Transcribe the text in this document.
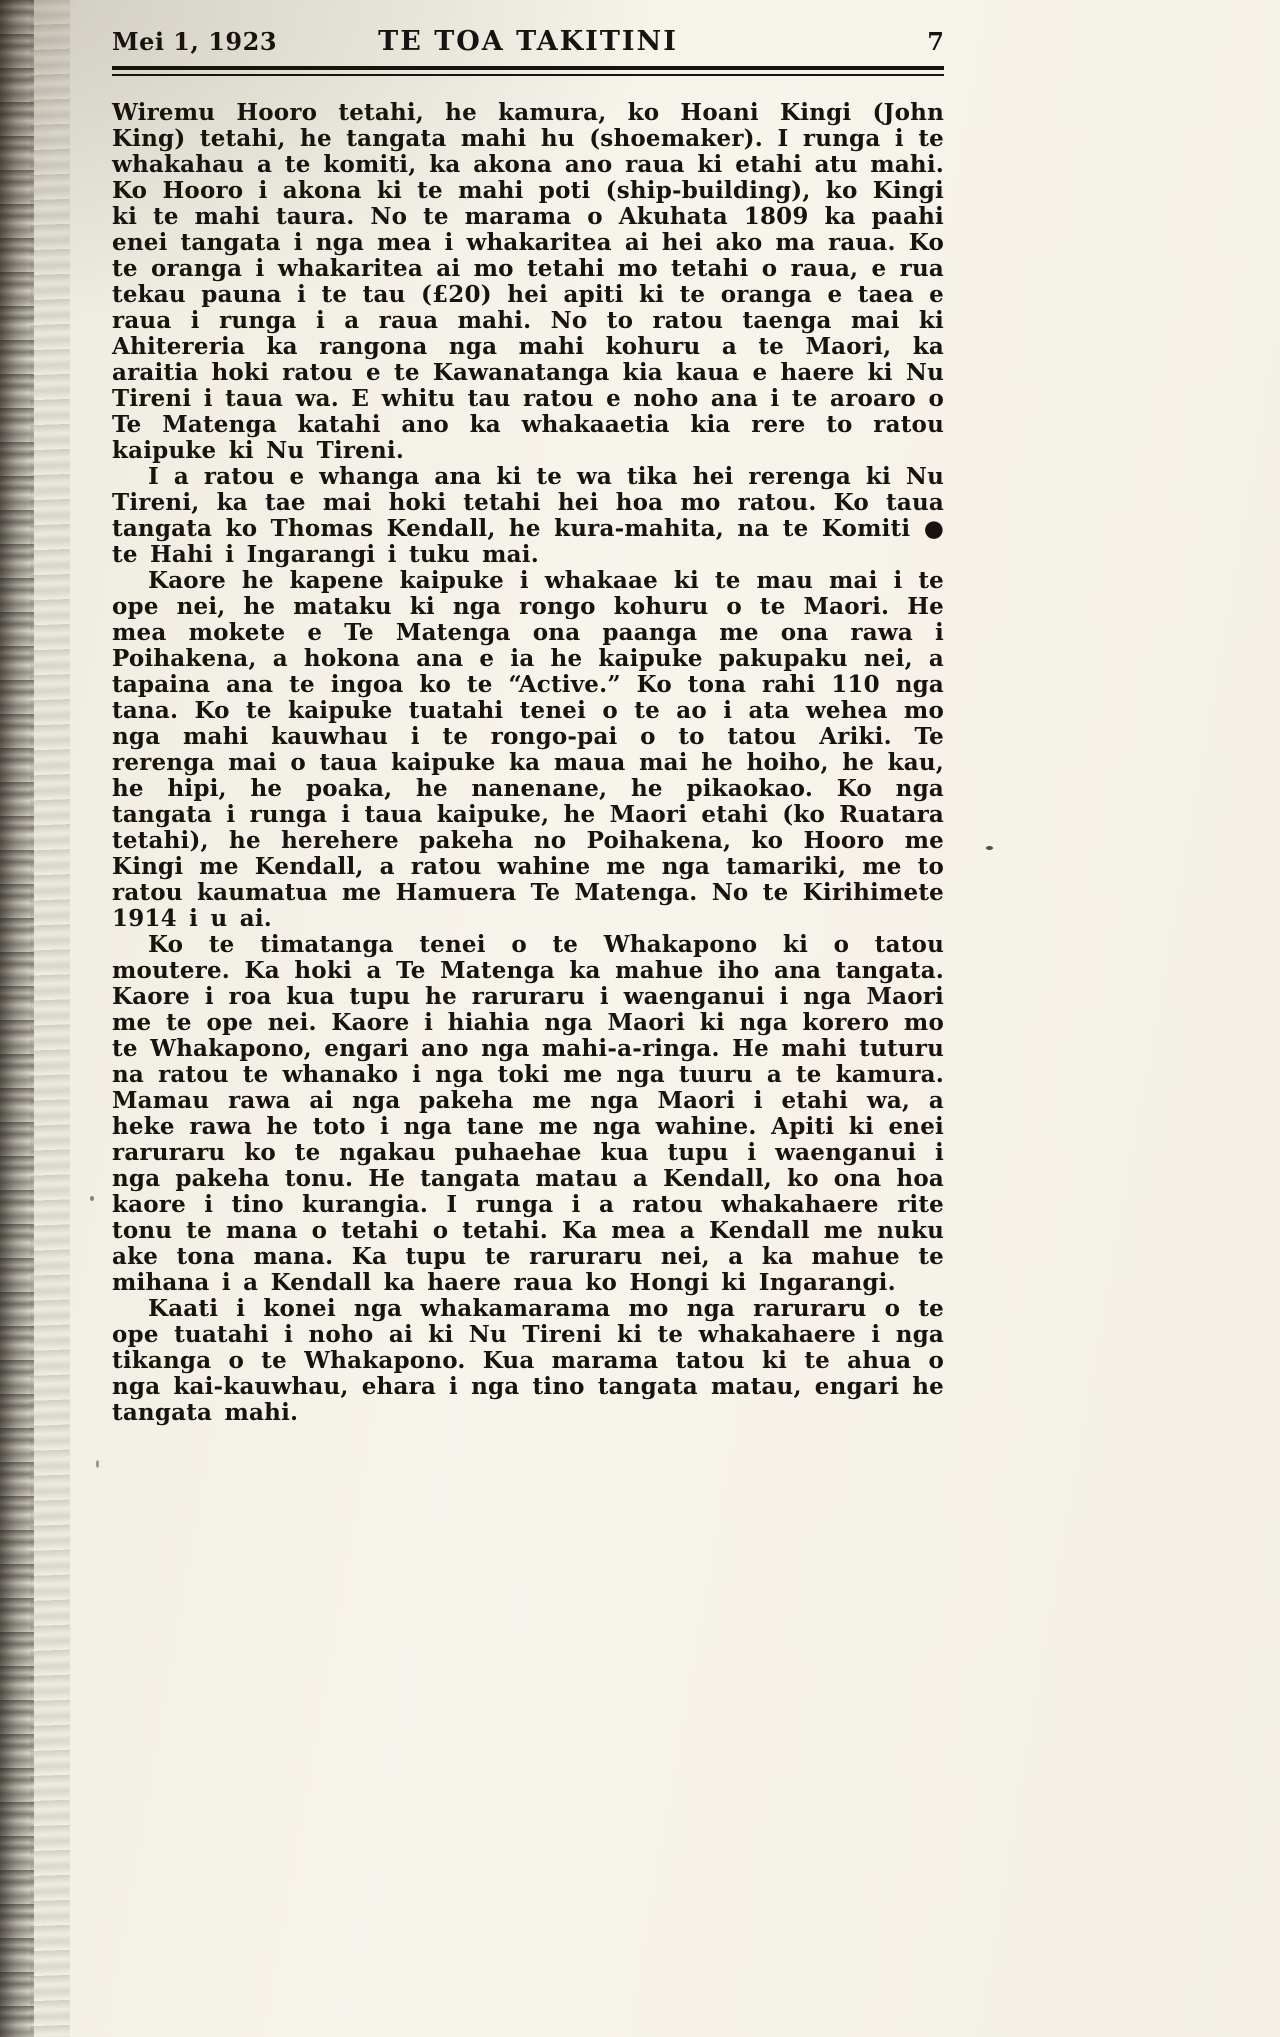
Mei 1, 1923	TE TOA TAKITINI	7

Wiremu Hooro tetahi, he kamura, ko Hoani Kingi (John King) tetahi, he tangata mahi hu (shoemaker). I runga i te whakahau a te komiti, ka akona ano raua ki etahi atu mahi. Ko Hooro i akona ki te mahi poti (ship-building), ko Kingi ki te mahi taura. No te marama o Akuhata 1809 ka paahi enei tangata i nga mea i whakaritea ai hei ako ma raua. Ko te oranga i whakaritea ai mo tetahi mo tetahi o raua, e rua tekau pauna i te tau (£20) hei apiti ki te oranga e taea e raua i runga i a raua mahi. No to ratou taenga mai ki Ahitereria ka rangona nga mahi kohuru a te Maori, ka araitia hoki ratou e te Kawanatanga kia kaua e haere ki Nu Tireni i taua wa. E whitu tau ratou e noho ana i te aroaro o Te Matenga katahi ano ka whakaaetia kia rere to ratou kaipuke ki Nu Tireni.

I a ratou e whanga ana ki te wa tika hei rerenga ki Nu Tireni, ka tae mai hoki tetahi hei hoa mo ratou. Ko taua tangata ko Thomas Kendall, he kura-mahita, na te Komiti ● te Hahi i Ingarangi i tuku mai.

Kaore he kapene kaipuke i whakaae ki te mau mai i te ope nei, he mataku ki nga rongo kohuru o te Maori. He mea mokete e Te Matenga ona paanga me ona rawa i Poihakena, a hokona ana e ia he kaipuke pakupaku nei, a tapaina ana te ingoa ko te “Active.” Ko tona rahi 110 nga tana. Ko te kaipuke tuatahi tenei o te ao i ata wehea mo nga mahi kauwhau i te rongo-pai o to tatou Ariki. Te rerenga mai o taua kaipuke ka maua mai he hoiho, he kau, he hipi, he poaka, he nanenane, he pikaokao. Ko nga tangata i runga i taua kaipuke, he Maori etahi (ko Ruatara tetahi), he herehere pakeha no Poihakena, ko Hooro me Kingi me Kendall, a ratou wahine me nga tamariki, me to ratou kaumatua me Hamuera Te Matenga. No te Kirihimete 1914 i u ai.

Ko te timatanga tenei o te Whakapono ki o tatou moutere. Ka hoki a Te Matenga ka mahue iho ana tangata. Kaore i roa kua tupu he raruraru i waenganui i nga Maori me te ope nei. Kaore i hiahia nga Maori ki nga korero mo te Whakapono, engari ano nga mahi-a-ringa. He mahi tuturu na ratou te whanako i nga toki me nga tuuru a te kamura. Mamau rawa ai nga pakeha me nga Maori i etahi wa, a heke rawa he toto i nga tane me nga wahine. Apiti ki enei raruraru ko te ngakau puhaehae kua tupu i waenganui i nga pakeha tonu. He tangata matau a Kendall, ko ona hoa kaore i tino kurangia. I runga i a ratou whakahaere rite tonu te mana o tetahi o tetahi. Ka mea a Kendall me nuku ake tona mana. Ka tupu te raruraru nei, a ka mahue te mihana i a Kendall ka haere raua ko Hongi ki Ingarangi.

Kaati i konei nga whakamarama mo nga raruraru o te ope tuatahi i noho ai ki Nu Tireni ki te whakahaere i nga tikanga o te Whakapono. Kua marama tatou ki te ahua o nga kai-kauwhau, ehara i nga tino tangata matau, engari he tangata mahi.
